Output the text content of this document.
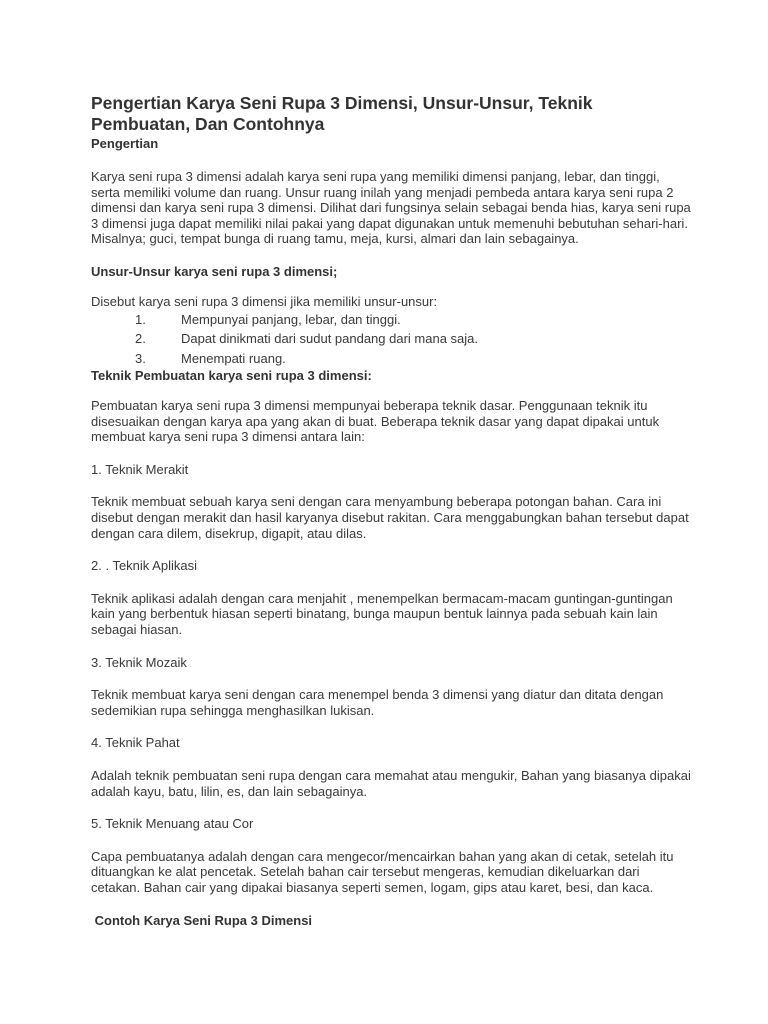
Pengertian Karya Seni Rupa 3 Dimensi, Unsur-Unsur, Teknik Pembuatan, Dan Contohnya
Pengertian

Karya seni rupa 3 dimensi adalah karya seni rupa yang memiliki dimensi panjang, lebar, dan tinggi, serta memiliki volume dan ruang. Unsur ruang inilah yang menjadi pembeda antara karya seni rupa 2 dimensi dan karya seni rupa 3 dimensi. Dilihat dari fungsinya selain sebagai benda hias, karya seni rupa 3 dimensi juga dapat memiliki nilai pakai yang dapat digunakan untuk memenuhi bebutuhan sehari-hari. Misalnya; guci, tempat bunga di ruang tamu, meja, kursi, almari dan lain sebagainya.

Unsur-Unsur karya seni rupa 3 dimensi;

Disebut karya seni rupa 3 dimensi jika memiliki unsur-unsur:

1.	Mempunyai panjang, lebar, dan tinggi.
2.	Dapat dinikmati dari sudut pandang dari mana saja.
3.	Menempati ruang.
Teknik Pembuatan karya seni rupa 3 dimensi:

Pembuatan karya seni rupa 3 dimensi mempunyai beberapa teknik dasar. Penggunaan teknik itu disesuaikan dengan karya apa yang akan di buat. Beberapa teknik dasar yang dapat dipakai untuk membuat karya seni rupa 3 dimensi antara lain:

1. Teknik Merakit

Teknik membuat sebuah karya seni dengan cara menyambung beberapa potongan bahan. Cara ini disebut dengan merakit dan hasil karyanya disebut rakitan. Cara menggabungkan bahan tersebut dapat dengan cara dilem, disekrup, digapit, atau dilas.

2. . Teknik Aplikasi

Teknik aplikasi adalah dengan cara menjahit , menempelkan bermacam-macam guntingan-guntingan kain yang berbentuk hiasan seperti binatang, bunga maupun bentuk lainnya pada sebuah kain lain sebagai hiasan.

3. Teknik Mozaik

Teknik membuat karya seni dengan cara menempel benda 3 dimensi yang diatur dan ditata dengan sedemikian rupa sehingga menghasilkan lukisan.

4. Teknik Pahat

Adalah teknik pembuatan seni rupa dengan cara memahat atau mengukir, Bahan yang biasanya dipakai adalah kayu, batu, lilin, es, dan lain sebagainya.

5. Teknik Menuang atau Cor

Capa pembuatanya adalah dengan cara mengecor/mencairkan bahan yang akan di cetak, setelah itu dituangkan ke alat pencetak. Setelah bahan cair tersebut mengeras, kemudian dikeluarkan dari cetakan. Bahan cair yang dipakai biasanya seperti semen, logam, gips atau karet, besi, dan kaca.

Contoh Karya Seni Rupa 3 Dimensi
